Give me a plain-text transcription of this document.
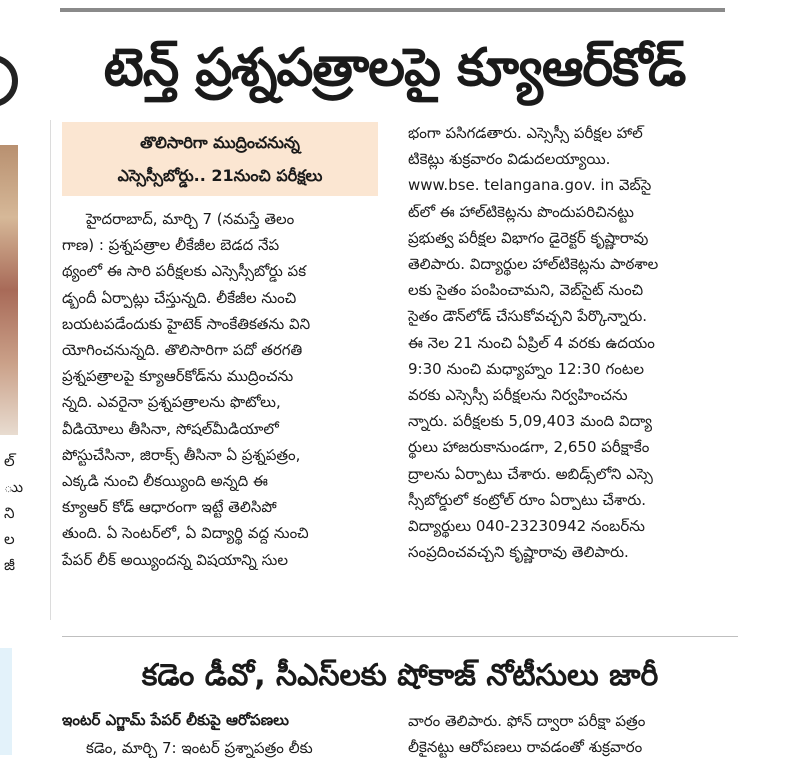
ల్
ుు
ని
ల
జీ
టెన్త్ ప్రశ్నపత్రాలపై క్యూఆర్‌కోడ్
తొలిసారిగా ముద్రించనున్న
ఎస్సెస్సీబోర్డు.. 21నుంచి పరీక్షలు

హైదరాబాద్, మార్చి 7 (నమస్తే తెలం

గాణ) : ప్రశ్నపత్రాల లీకేజీల బెడద నేప

థ్యంలో ఈ సారి పరీక్షలకు ఎస్సెస్సీబోర్డు పక

డ్బందీ ఏర్పాట్లు చేస్తున్నది. లీకేజీల నుంచి

బయటపడేందుకు హైటెక్ సాంకేతికతను విని

యోగించనున్నది. తొలిసారిగా పదో తరగతి

ప్రశ్నపత్రాలపై క్యూఆర్‌కోడ్‌ను ముద్రించను

న్నది. ఎవరైనా ప్రశ్నపత్రాలను ఫొటోలు,

వీడియోలు తీసినా, సోషల్‌మీడియాలో

పోస్టుచేసినా, జిరాక్స్ తీసినా ఏ ప్రశ్నపత్రం,

ఎక్కడి నుంచి లీకయ్యింది అన్నది ఈ

క్యూఆర్ కోడ్ ఆధారంగా ఇట్టే తెలిసిపో

తుంది. ఏ సెంటర్‌లో, ఏ విద్యార్థి వద్ద నుంచి

పేపర్ లీక్ అయ్యిందన్న విషయాన్ని సుల

భంగా పసిగడతారు. ఎస్సెస్సీ పరీక్షల హాల్

టికెట్లు శుక్రవారం విడుదలయ్యాయి.

www.bse. telangana.gov. in వెబ్‌సై

ట్‌లో ఈ హాల్‌టికెట్లను పొందుపరిచినట్టు

ప్రభుత్వ పరీక్షల విభాగం డైరెక్టర్ కృష్ణారావు

తెలిపారు. విద్యార్థుల హాల్‌టికెట్లను పాఠశాల

లకు సైతం పంపించామని, వెబ్‌సైట్ నుంచి

సైతం డౌన్‌లోడ్ చేసుకోవచ్చని పేర్కొన్నారు.

ఈ నెల 21 నుంచి ఏప్రిల్ 4 వరకు ఉదయం

9:30 నుంచి మధ్యాహ్నం 12:30 గంటల

వరకు ఎస్సెస్సీ పరీక్షలను నిర్వహించను

న్నారు. పరీక్షలకు 5,09,403 మంది విద్యా

ర్థులు హాజరుకానుండగా, 2,650 పరీక్షాకేం

ద్రాలను ఏర్పాటు చేశారు. అబిడ్స్‌లోని ఎస్సె

స్సీబోర్డులో కంట్రోల్ రూం ఏర్పాటు చేశారు.

విద్యార్థులు 040-23230942 నంబర్‌ను

సంప్రదించవచ్చని కృష్ణారావు తెలిపారు.

కడెం డీవో, సీఎస్‌లకు షోకాజ్ నోటీసులు జారీ
ఇంటర్ ఎగ్జామ్ పేపర్ లీకుపై ఆరోపణలు
కడెం, మార్చి 7: ఇంటర్ ప్రశ్నాపత్రం లీకు

వారం తెలిపారు. ఫోన్ ద్వారా పరీక్షా పత్రం

లీకైనట్టు ఆరోపణలు రావడంతో శుక్రవారం
